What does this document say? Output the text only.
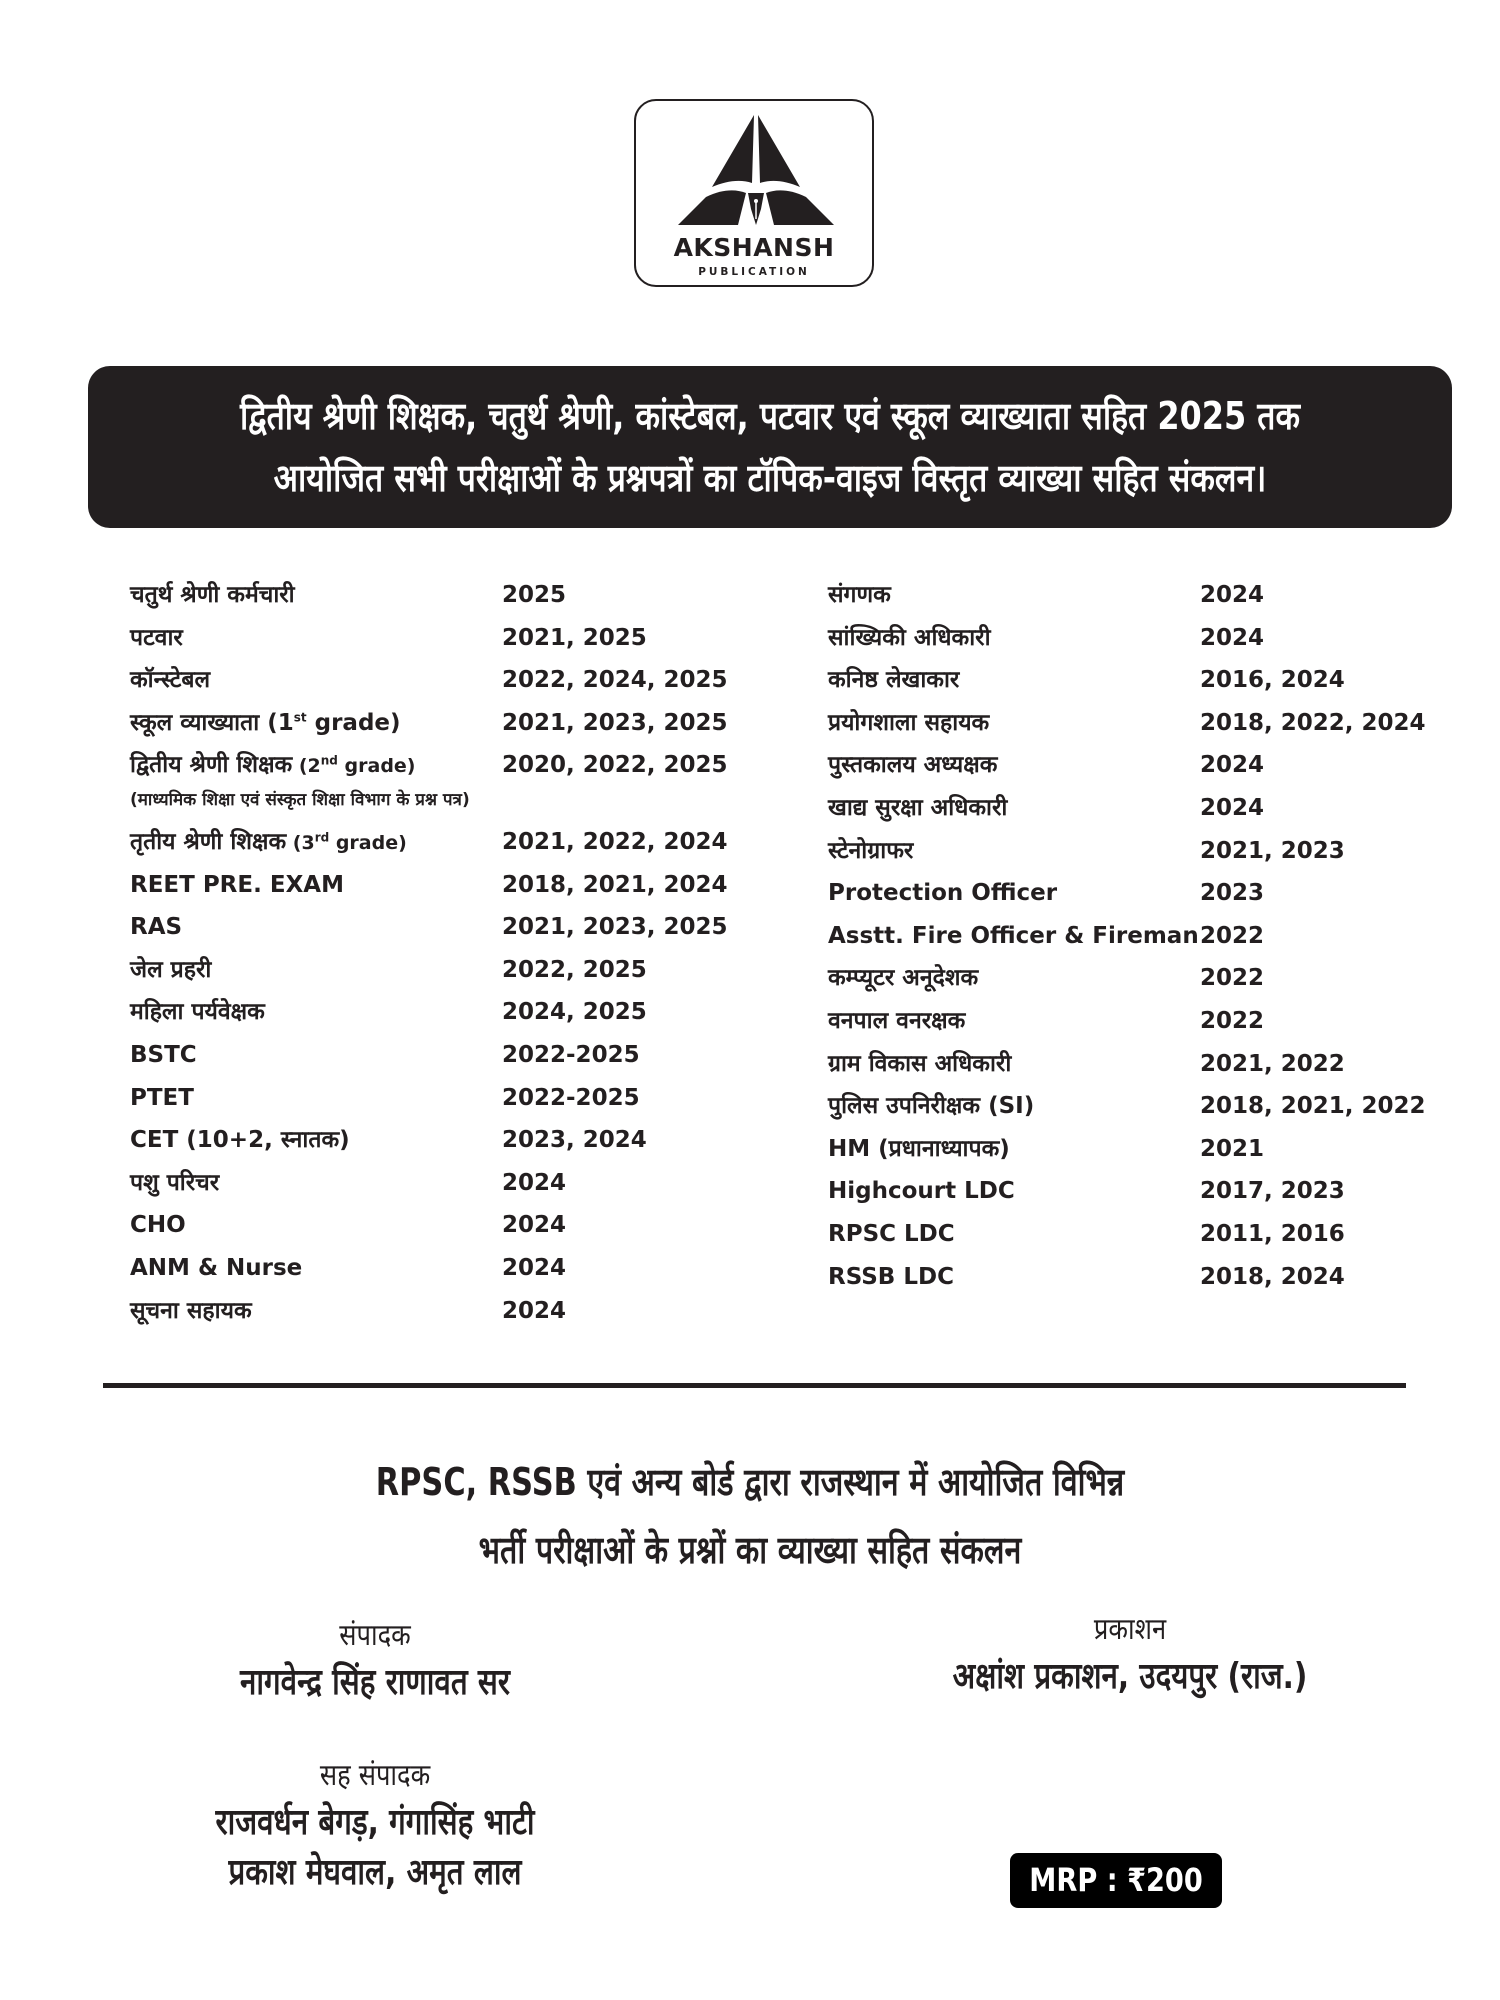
AKSHANSH
PUBLICATION
द्वितीय श्रेणी शिक्षक, चतुर्थ श्रेणी, कांस्टेबल, पटवार एवं स्कूल व्याख्याता सहित 2025 तक
आयोजित सभी परीक्षाओं के प्रश्नपत्रों का टॉपिक-वाइज विस्तृत व्याख्या सहित संकलन।
चतुर्थ श्रेणी कर्मचारी	2025
पटवार	2021, 2025
कॉन्स्टेबल	2022, 2024, 2025
स्कूल व्याख्याता (1st grade)	2021, 2023, 2025
द्वितीय श्रेणी शिक्षक (2nd grade)	2020, 2022, 2025
(माध्यमिक शिक्षा एवं संस्कृत शिक्षा विभाग के प्रश्न पत्र)
तृतीय श्रेणी शिक्षक (3rd grade)	2021, 2022, 2024
REET PRE. EXAM	2018, 2021, 2024
RAS	2021, 2023, 2025
जेल प्रहरी	2022, 2025
महिला पर्यवेक्षक	2024, 2025
BSTC	2022-2025
PTET	2022-2025
CET (10+2, स्नातक)	2023, 2024
पशु परिचर	2024
CHO	2024
ANM & Nurse	2024
सूचना सहायक	2024
संगणक	2024
सांख्यिकी अधिकारी	2024
कनिष्ठ लेखाकार	2016, 2024
प्रयोगशाला सहायक	2018, 2022, 2024
पुस्तकालय अध्यक्षक	2024
खाद्य सुरक्षा अधिकारी	2024
स्टेनोग्राफर	2021, 2023
Protection Officer	2023
Asstt. Fire Officer & Fireman 2022
कम्प्यूटर अनूदेशक	2022
वनपाल वनरक्षक	2022
ग्राम विकास अधिकारी	2021, 2022
पुलिस उपनिरीक्षक (SI)	2018, 2021, 2022
HM (प्रधानाध्यापक)	2021
Highcourt LDC	2017, 2023
RPSC LDC	2011, 2016
RSSB LDC	2018, 2024
RPSC, RSSB एवं अन्य बोर्ड द्वारा राजस्थान में आयोजित विभिन्न
भर्ती परीक्षाओं के प्रश्नों का व्याख्या सहित संकलन
संपादक
नागवेन्द्र सिंह राणावत सर
प्रकाशन
अक्षांश प्रकाशन, उदयपुर (राज.)
सह संपादक
राजवर्धन बेगड़, गंगासिंह भाटी
प्रकाश मेघवाल, अमृत लाल	MRP : ₹200
